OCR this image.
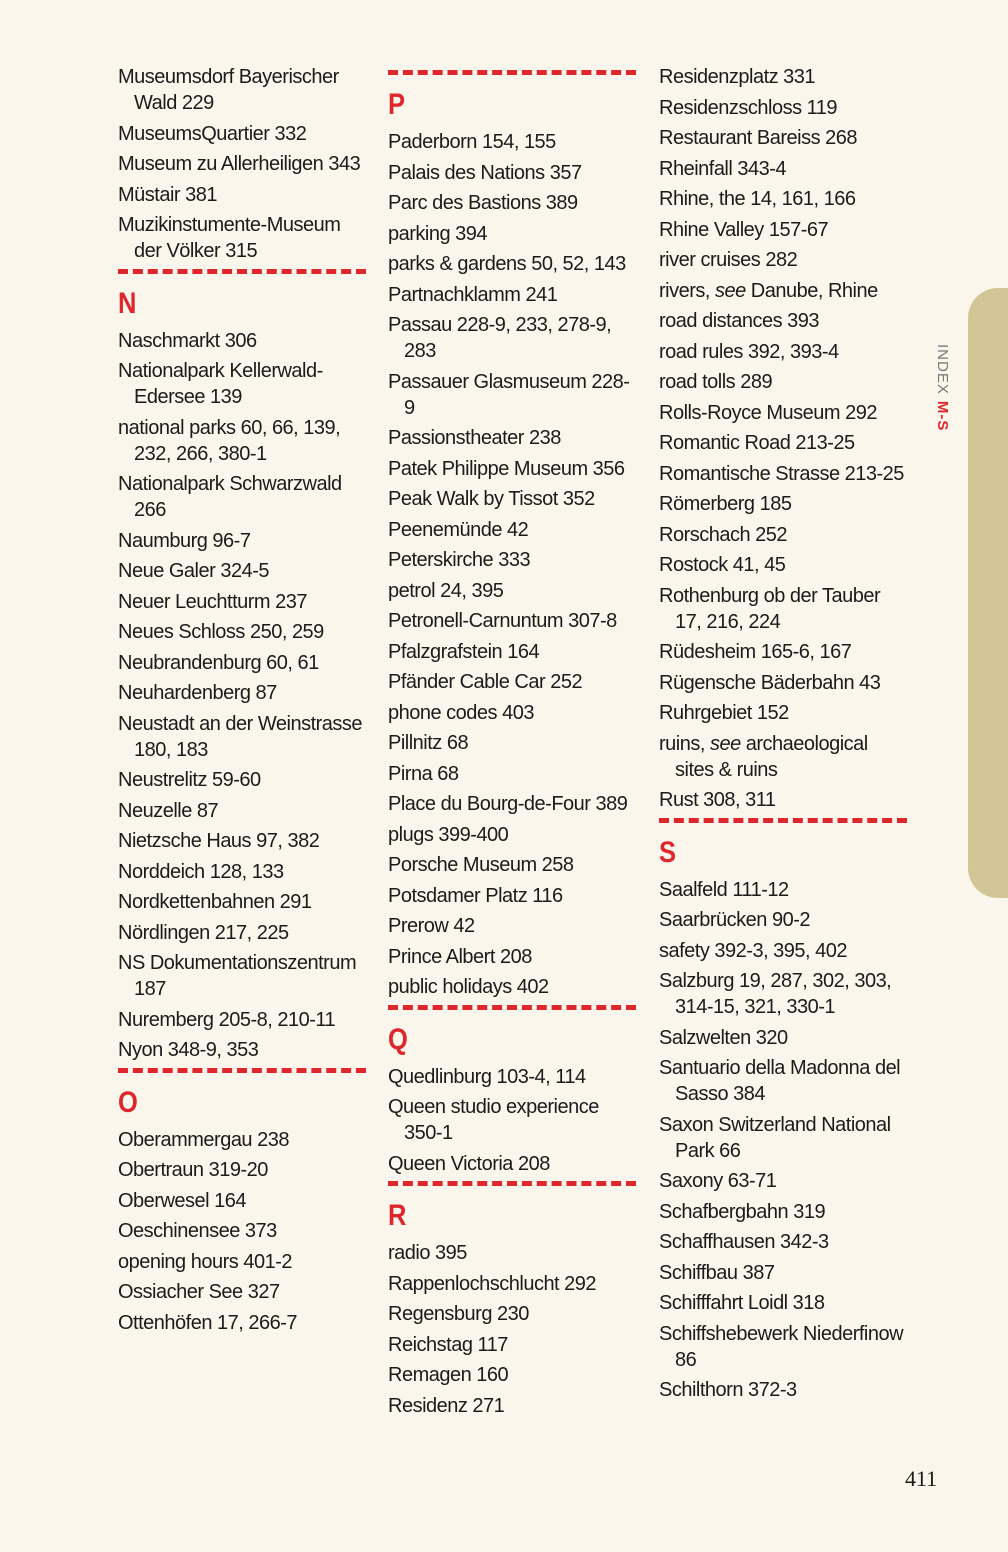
INDEXM-S
Museumsdorf Bayerischer Wald 229
MuseumsQuartier 332
Museum zu Allerheiligen 343
Müstair 381
Muzikinstumente-Museum der Völker 315
N
Naschmarkt 306
Nationalpark Kellerwald-Edersee 139
national parks 60, 66, 139, 232, 266, 380-1
Nationalpark Schwarzwald 266
Naumburg 96-7
Neue Galer 324-5
Neuer Leuchtturm 237
Neues Schloss 250, 259
Neubrandenburg 60, 61
Neuhardenberg 87
Neustadt an der Weinstrasse 180, 183
Neustrelitz 59-60
Neuzelle 87
Nietzsche Haus 97, 382
Norddeich 128, 133
Nordkettenbahnen 291
Nördlingen 217, 225
NS Dokumentationszentrum 187
Nuremberg 205-8, 210-11
Nyon 348-9, 353
O
Oberammergau 238
Obertraun 319-20
Oberwesel 164
Oeschinensee 373
opening hours 401-2
Ossiacher See 327
Ottenhöfen 17, 266-7
P
Paderborn 154, 155
Palais des Nations 357
Parc des Bastions 389
parking 394
parks & gardens 50, 52, 143
Partnachklamm 241
Passau 228-9, 233, 278-9, 283
Passauer Glasmuseum 228-9
Passionstheater 238
Patek Philippe Museum 356
Peak Walk by Tissot 352
Peenemünde 42
Peterskirche 333
petrol 24, 395
Petronell-Carnuntum 307-8
Pfalzgrafstein 164
Pfänder Cable Car 252
phone codes 403
Pillnitz 68
Pirna 68
Place du Bourg-de-Four 389
plugs 399-400
Porsche Museum 258
Potsdamer Platz 116
Prerow 42
Prince Albert 208
public holidays 402
Q
Quedlinburg 103-4, 114
Queen studio experience 350-1
Queen Victoria 208
R
radio 395
Rappenlochschlucht 292
Regensburg 230
Reichstag 117
Remagen 160
Residenz 271
Residenzplatz 331
Residenzschloss 119
Restaurant Bareiss 268
Rheinfall 343-4
Rhine, the 14, 161, 166
Rhine Valley 157-67
river cruises 282
rivers, see Danube, Rhine
road distances 393
road rules 392, 393-4
road tolls 289
Rolls-Royce Museum 292
Romantic Road 213-25
Romantische Strasse 213-25
Römerberg 185
Rorschach 252
Rostock 41, 45
Rothenburg ob der Tauber 17, 216, 224
Rüdesheim 165-6, 167
Rügensche Bäderbahn 43
Ruhrgebiet 152
ruins, see archaeological sites & ruins
Rust 308, 311
S
Saalfeld 111-12
Saarbrücken 90-2
safety 392-3, 395, 402
Salzburg 19, 287, 302, 303, 314-15, 321, 330-1
Salzwelten 320
Santuario della Madonna del Sasso 384
Saxon Switzerland National Park 66
Saxony 63-71
Schafbergbahn 319
Schaffhausen 342-3
Schiffbau 387
Schifffahrt Loidl 318
Schiffshebewerk Niederfinow 86
Schilthorn 372-3
411
